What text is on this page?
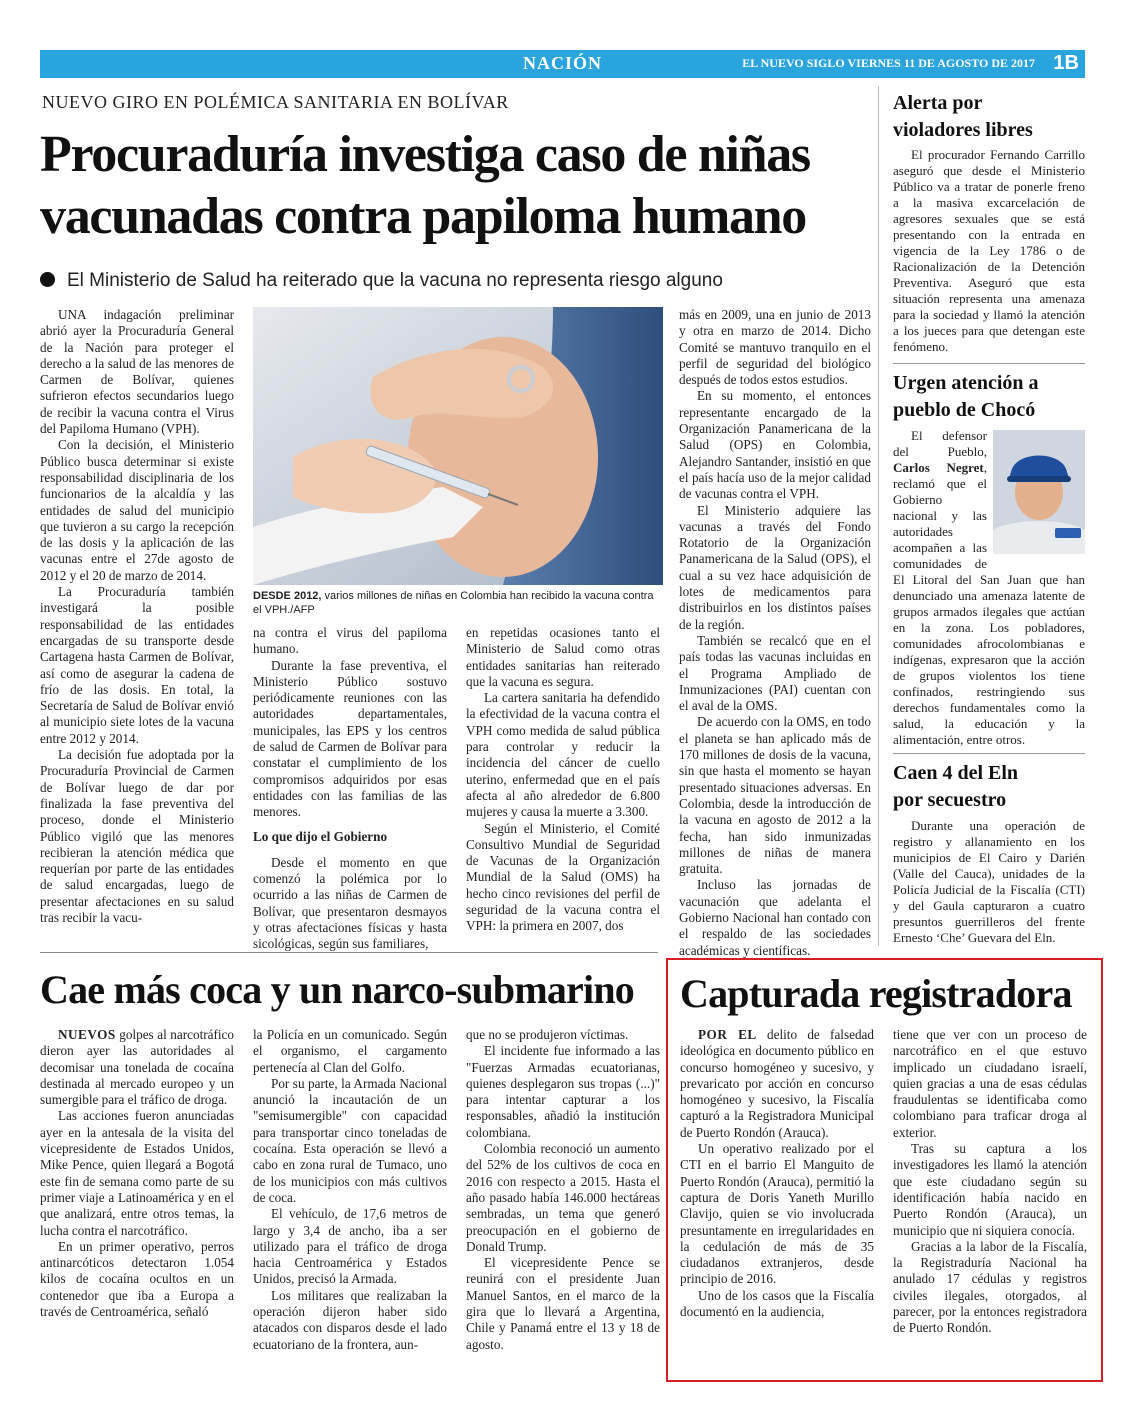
NACIÓN	EL NUEVO SIGLO VIERNES 11 DE AGOSTO DE 2017 1B
NUEVO GIRO EN POLÉMICA SANITARIA EN BOLÍVAR
Procuraduría investiga caso de niñas
vacunadas contra papiloma humano
El Ministerio de Salud ha reiterado que la vacuna no representa riesgo alguno

UNA indagación preliminar abrió ayer la Procuraduría General de la Nación para proteger el derecho a la salud de las menores de Carmen de Bolívar, quienes sufrieron efectos secundarios luego de recibir la vacuna contra el Virus del Papiloma Humano (VPH).

Con la decisión, el Ministerio Público busca determinar si existe responsabilidad disciplinaria de los funcionarios de la alcaldía y las entidades de salud del municipio que tuvieron a su cargo la recepción de las dosis y la aplicación de las vacunas entre el 27de agosto de 2012 y el 20 de marzo de 2014.

La Procuraduría también investigará la posible responsabilidad de las entidades encargadas de su transporte desde Cartagena hasta Carmen de Bolívar, así como de asegurar la cadena de frío de las dosis. En total, la Secretaría de Salud de Bolívar envió al municipio siete lotes de la vacuna entre 2012 y 2014.

La decisión fue adoptada por la Procuraduría Provincial de Carmen de Bolívar luego de dar por finalizada la fase preventiva del proceso, donde el Ministerio Público vigiló que las menores recibieran la atención médica que requerían por parte de las entidades de salud encargadas, luego de presentar afectaciones en su salud tras recibir la vacu-

DESDE 2012, varios millones de niñas en Colombia han recibido la vacuna contra el VPH./AFP

na contra el virus del papiloma humano.

Durante la fase preventiva, el Ministerio Público sostuvo periódicamente reuniones con las autoridades departamentales, municipales, las EPS y los centros de salud de Carmen de Bolívar para constatar el cumplimiento de los compromisos adquiridos por esas entidades con las familias de las menores.

Lo que dijo el Gobierno

Desde el momento en que comenzó la polémica por lo ocurrido a las niñas de Carmen de Bolívar, que presentaron desmayos y otras afectaciones físicas y hasta sicológicas, según sus familiares,

en repetidas ocasiones tanto el Ministerio de Salud como otras entidades sanitarias han reiterado que la vacuna es segura.

La cartera sanitaria ha defendido la efectividad de la vacuna contra el VPH como medida de salud pública para controlar y reducir la incidencia del cáncer de cuello uterino, enfermedad que en el país afecta al año alrededor de 6.800 mujeres y causa la muerte a 3.300.

Según el Ministerio, el Comité Consultivo Mundial de Seguridad de Vacunas de la Organización Mundial de la Salud (OMS) ha hecho cinco revisiones del perfil de seguridad de la vacuna contra el VPH: la primera en 2007, dos

más en 2009, una en junio de 2013 y otra en marzo de 2014. Dicho Comité se mantuvo tranquilo en el perfil de seguridad del biológico después de todos estos estudios.

En su momento, el entonces representante encargado de la Organización Panamericana de la Salud (OPS) en Colombia, Alejandro Santander, insistió en que el país hacía uso de la mejor calidad de vacunas contra el VPH.

El Ministerio adquiere las vacunas a través del Fondo Rotatorio de la Organización Panamericana de la Salud (OPS), el cual a su vez hace adquisición de lotes de medicamentos para distribuirlos en los distintos países de la región.

También se recalcó que en el país todas las vacunas incluidas en el Programa Ampliado de Inmunizaciones (PAI) cuentan con el aval de la OMS.

De acuerdo con la OMS, en todo el planeta se han aplicado más de 170 millones de dosis de la vacuna, sin que hasta el momento se hayan presentado situaciones adversas. En Colombia, desde la introducción de la vacuna en agosto de 2012 a la fecha, han sido inmunizadas millones de niñas de manera gratuita.

Incluso las jornadas de vacunación que adelanta el Gobierno Nacional han contado con el respaldo de las sociedades académicas y científicas.

Alerta por
violadores libres

El procurador Fernando Carrillo aseguró que desde el Ministerio Público va a tratar de ponerle freno a la masiva excarcelación de agresores sexuales que se está presentando con la entrada en vigencia de la Ley 1786 o de Racionalización de la Detención Preventiva. Aseguró que esta situación representa una amenaza para la sociedad y llamó la atención a los jueces para que detengan este fenómeno.

Urgen atención a
pueblo de Chocó

El defensor del Pueblo, Carlos Negret, reclamó que el Gobierno nacional y las autoridades acompañen a las comunidades de El Litoral del San Juan que han denunciado una amenaza latente de grupos armados ilegales que actúan en la zona. Los pobladores, comunidades afrocolombianas e indígenas, expresaron que la acción de grupos violentos los tiene confinados, restringiendo sus derechos fundamentales como la salud, la educación y la alimentación, entre otros.

Caen 4 del Eln
por secuestro

Durante una operación de registro y allanamiento en los municipios de El Cairo y Darién (Valle del Cauca), unidades de la Policía Judicial de la Fiscalía (CTI) y del Gaula capturaron a cuatro presuntos guerrilleros del frente Ernesto ‘Che’ Guevara del Eln.

Cae más coca y un narco-submarino

NUEVOS golpes al narcotráfico dieron ayer las autoridades al decomisar una tonelada de cocaína destinada al mercado europeo y un sumergible para el tráfico de droga.

Las acciones fueron anunciadas ayer en la antesala de la visita del vicepresidente de Estados Unidos, Mike Pence, quien llegará a Bogotá este fin de semana como parte de su primer viaje a Latinoamérica y en el que analizará, entre otros temas, la lucha contra el narcotráfico.

En un primer operativo, perros antinarcóticos detectaron 1.054 kilos de cocaína ocultos en un contenedor que iba a Europa a través de Centroamérica, señaló

la Policía en un comunicado. Según el organismo, el cargamento pertenecía al Clan del Golfo.

Por su parte, la Armada Nacional anunció la incautación de un "semisumergible" con capacidad para transportar cinco toneladas de cocaína. Esta operación se llevó a cabo en zona rural de Tumaco, uno de los municipios con más cultivos de coca.

El vehículo, de 17,6 metros de largo y 3,4 de ancho, iba a ser utilizado para el tráfico de droga hacia Centroamérica y Estados Unidos, precisó la Armada.

Los militares que realizaban la operación dijeron haber sido atacados con disparos desde el lado ecuatoriano de la frontera, aun-

que no se produjeron víctimas.

El incidente fue informado a las "Fuerzas Armadas ecuatorianas, quienes desplegaron sus tropas (...)" para intentar capturar a los responsables, añadió la institución colombiana.

Colombia reconoció un aumento del 52% de los cultivos de coca en 2016 con respecto a 2015. Hasta el año pasado había 146.000 hectáreas sembradas, un tema que generó preocupación en el gobierno de Donald Trump.

El vicepresidente Pence se reunirá con el presidente Juan Manuel Santos, en el marco de la gira que lo llevará a Argentina, Chile y Panamá entre el 13 y 18 de agosto.

Capturada registradora

POR EL delito de falsedad ideológica en documento público en concurso homogéneo y sucesivo, y prevaricato por acción en concurso homogéneo y sucesivo, la Fiscalía capturó a la Registradora Municipal de Puerto Rondón (Arauca).

Un operativo realizado por el CTI en el barrio El Manguito de Puerto Rondón (Arauca), permitió la captura de Doris Yaneth Murillo Clavijo, quien se vio involucrada presuntamente en irregularidades en la cedulación de más de 35 ciudadanos extranjeros, desde principio de 2016.

Uno de los casos que la Fiscalía documentó en la audiencia,

tiene que ver con un proceso de narcotráfico en el que estuvo implicado un ciudadano israelí, quien gracias a una de esas cédulas fraudulentas se identificaba como colombiano para traficar droga al exterior.

Tras su captura a los investigadores les llamó la atención que este ciudadano según su identificación había nacido en Puerto Rondón (Arauca), un municipio que ni siquiera conocía.

Gracias a la labor de la Fiscalía, la Registraduría Nacional ha anulado 17 cédulas y registros civiles ilegales, otorgados, al parecer, por la entonces registradora de Puerto Rondón.
